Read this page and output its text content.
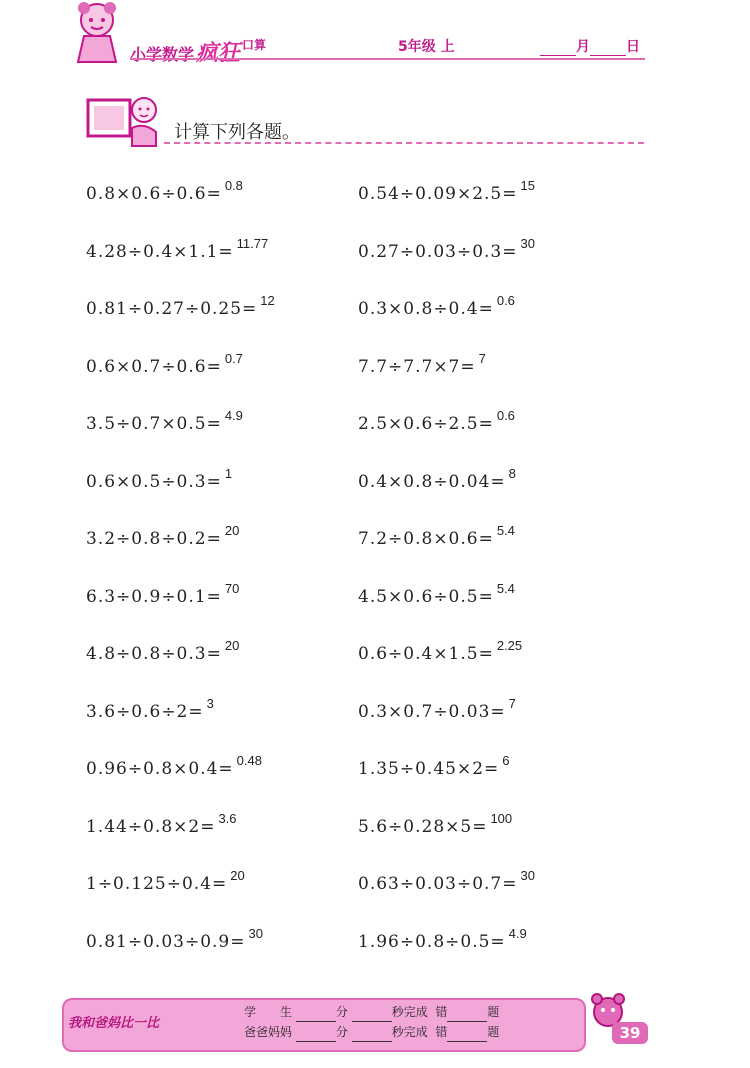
小学数学疯狂 $^{口算}$	5年级 上	月	日
计算下列各题。
0.8×0.6÷0.6= $^{0.8}$	0.54÷0.09×2.5= $^{15}$
4.28÷0.4×1.1= $^{11.77}$	0.27÷0.03÷0.3= $^{30}$
0.81÷0.27÷0.25= $^{12}$	0.3×0.8÷0.4= $^{0.6}$
0.6×0.7÷0.6= $^{0.7}$	7.7÷7.7×7= $^7$
3.5÷0.7×0.5= $^{4.9}$	2.5×0.6÷2.5= $^{0.6}$
0.6×0.5÷0.3= $^1$	0.4×0.8÷0.04= $^8$
3.2÷0.8÷0.2= $^{20}$	7.2÷0.8×0.6= $^{5.4}$
6.3÷0.9÷0.1= $^{70}$	4.5×0.6÷0.5= $^{5.4}$
4.8÷0.8÷0.3= $^{20}$	0.6÷0.4×1.5= $^{2.25}$
3.6÷0.6÷2= $^3$	0.3×0.7÷0.03= $^7$
0.96÷0.8×0.4= $^{0.48}$	1.35÷0.45×2= $^6$
1.44÷0.8×2= $^{3.6}$	5.6÷0.28×5= $^{100}$
1÷0.125÷0.4= $^{20}$	0.63÷0.03÷0.7= $^{30}$
0.81÷0.03÷0.9= $^{30}$	1.96÷0.8÷0.5= $^{4.9}$
我和爸妈比一比
学　　生	分	秒完成 错	题
爸爸妈妈	分	秒完成 错	题	39
